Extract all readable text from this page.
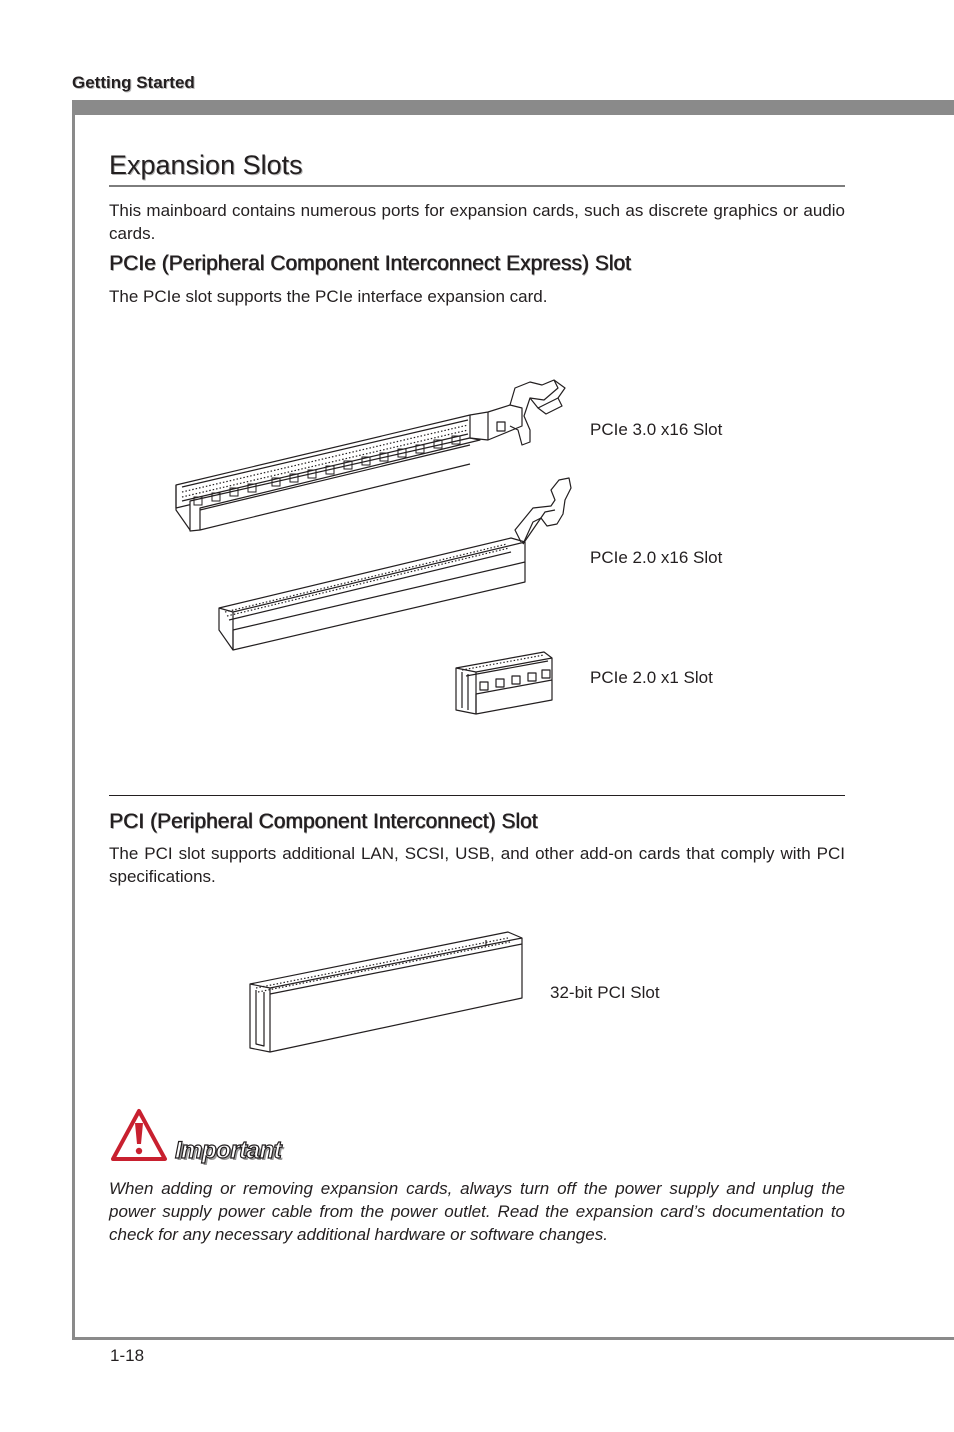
Getting Started
1-18
Expansion Slots
This mainboard contains numerous ports for expansion cards, such as discrete graphics or audio cards.
PCIe (Peripheral Component Interconnect Express) Slot
The PCIe slot supports the PCIe interface expansion card.
PCIe 3.0 x16 Slot
PCIe 2.0 x16 Slot
PCIe 2.0 x1 Slot
PCI (Peripheral Component Interconnect) Slot
The PCI slot supports additional LAN, SCSI, USB, and other add-on cards that comply with PCI specifications.
32-bit PCI Slot
Important
When adding or removing expansion cards, always turn off the power supply and unplug the power supply power cable from the power outlet. Read the expansion card’s documentation to check for any necessary additional hardware or software changes.
